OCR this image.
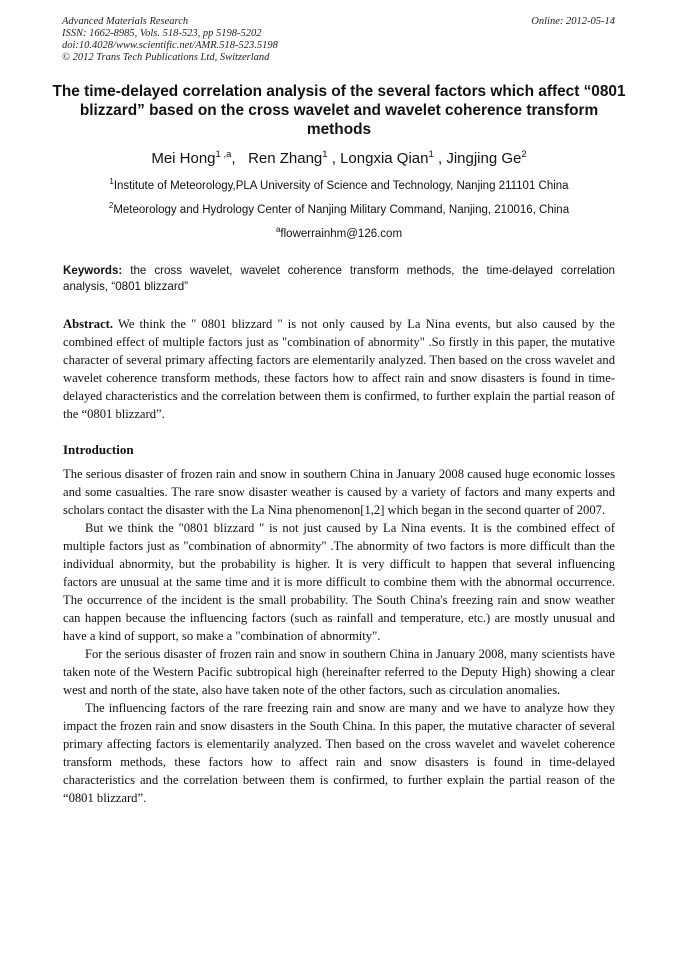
Advanced Materials Research
ISSN: 1662-8985, Vols. 518-523, pp 5198-5202
doi:10.4028/www.scientific.net/AMR.518-523.5198
© 2012 Trans Tech Publications Ltd, Switzerland
Online: 2012-05-14
The time-delayed correlation analysis of the several factors which affect “0801 blizzard” based on the cross wavelet and wavelet coherence transform methods
Mei Hong$^{1 ,a}$,   Ren Zhang$^1$ , Longxia Qian$^1$ , Jingjing Ge$^2$
$^1$Institute of Meteorology,PLA University of Science and Technology, Nanjing 211101 China
$^2$Meteorology and Hydrology Center of Nanjing Military Command, Nanjing, 210016, China
$^a$flowerrainhm@126.com
Keywords: the cross wavelet, wavelet coherence transform methods, the time-delayed correlation analysis, “0801 blizzard”

Abstract. We think the " 0801 blizzard " is not only caused by La Nina events, but also caused by the combined effect of multiple factors just as "combination of abnormity" .So firstly in this paper, the mutative character of several primary affecting factors are elementarily analyzed. Then based on the cross wavelet and wavelet coherence transform methods, these factors how to affect rain and snow disasters is found in time-delayed characteristics and the correlation between them is confirmed, to further explain the partial reason of the “0801 blizzard”.

Introduction

The serious disaster of frozen rain and snow in southern China in January 2008 caused huge economic losses and some casualties. The rare snow disaster weather is caused by a variety of factors and many experts and scholars contact the disaster with the La Nina phenomenon[1,2] which began in the second quarter of 2007.

But we think the "0801 blizzard " is not just caused by La Nina events. It is the combined effect of multiple factors just as "combination of abnormity" .The abnormity of two factors is more difficult than the individual abnormity, but the probability is higher. It is very difficult to happen that several influencing factors are unusual at the same time and it is more difficult to combine them with the abnormal occurrence. The occurrence of the incident is the small probability. The South China's freezing rain and snow weather can happen because the influencing factors (such as rainfall and temperature, etc.) are mostly unusual and have a kind of support, so make a "combination of abnormity".

For the serious disaster of frozen rain and snow in southern China in January 2008, many scientists have taken note of the Western Pacific subtropical high (hereinafter referred to the Deputy High) showing a clear west and north of the state, also have taken note of the other factors, such as circulation anomalies.

The influencing factors of the rare freezing rain and snow are many and we have to analyze how they impact the frozen rain and snow disasters in the South China. In this paper, the mutative character of several primary affecting factors is elementarily analyzed. Then based on the cross wavelet and wavelet coherence transform methods, these factors how to affect rain and snow disasters is found in time-delayed characteristics and the correlation between them is confirmed, to further explain the partial reason of the “0801 blizzard”.
